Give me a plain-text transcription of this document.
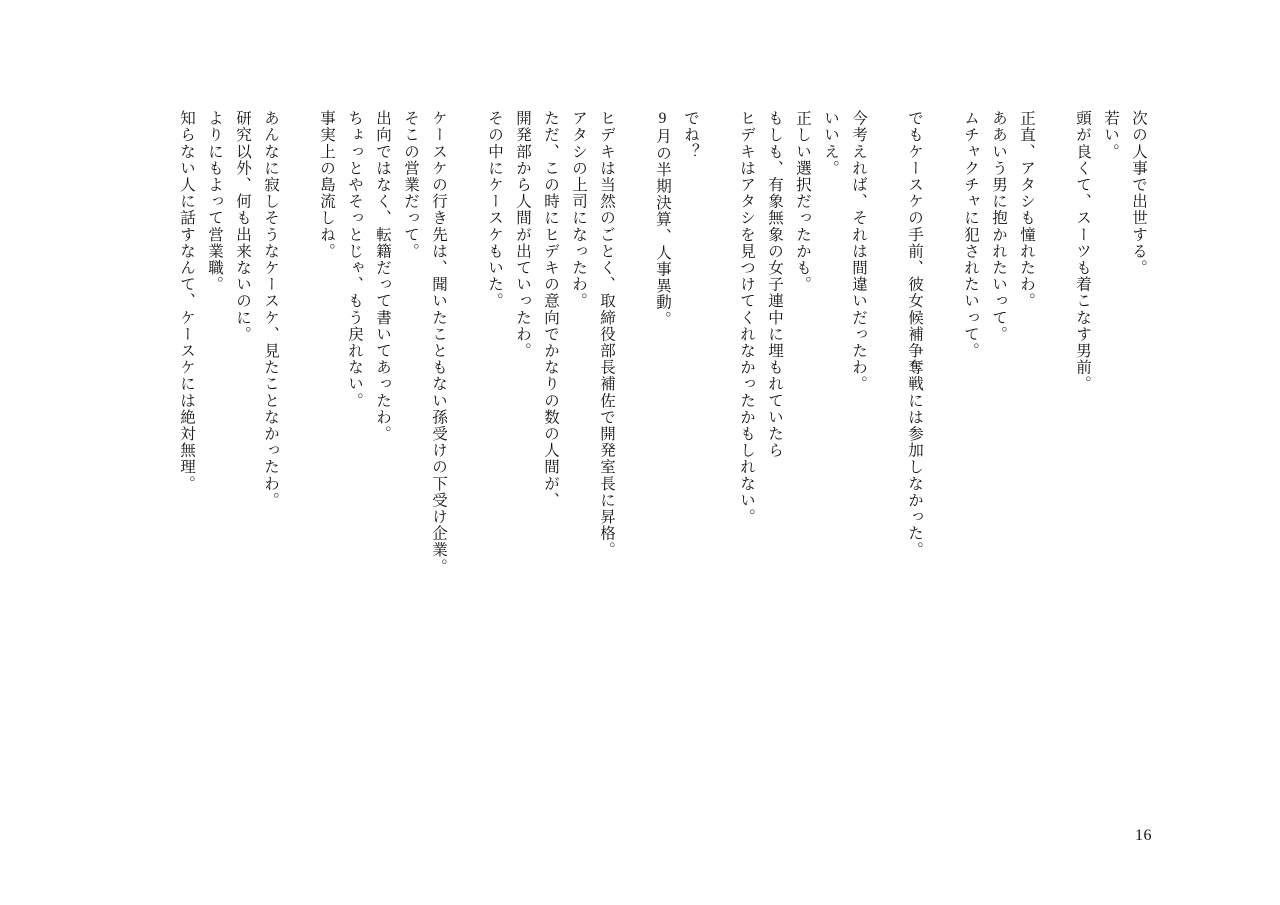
次の人事で出世する。
若い。
頭が良くて、スーツも着こなす男前。
正直、アタシも憧れたわ。
ああいう男に抱かれたいって。
ムチャクチャに犯されたいって。
でもケースケの手前、彼女候補争奪戦には参加しなかった。
今考えれば、それは間違いだったわ。
いいえ。
正しい選択だったかも。
もしも、有象無象の女子連中に埋もれていたら
ヒデキはアタシを見つけてくれなかったかもしれない。
でね？
9月の半期決算、人事異動。
ヒデキは当然のごとく、取締役部長補佐で開発室長に昇格。
アタシの上司になったわ。
ただ、この時にヒデキの意向でかなりの数の人間が、
開発部から人間が出ていったわ。
その中にケースケもいた。
ケースケの行き先は、聞いたこともない孫受けの下受け企業。
そこの営業だって。
出向ではなく、転籍だって書いてあったわ。
ちょっとやそっとじゃ、もう戻れない。
事実上の島流しね。
あんなに寂しそうなケースケ、見たことなかったわ。
研究以外、何も出来ないのに。
よりにもよって営業職。
知らない人に話すなんて、ケースケには絶対無理。
16
